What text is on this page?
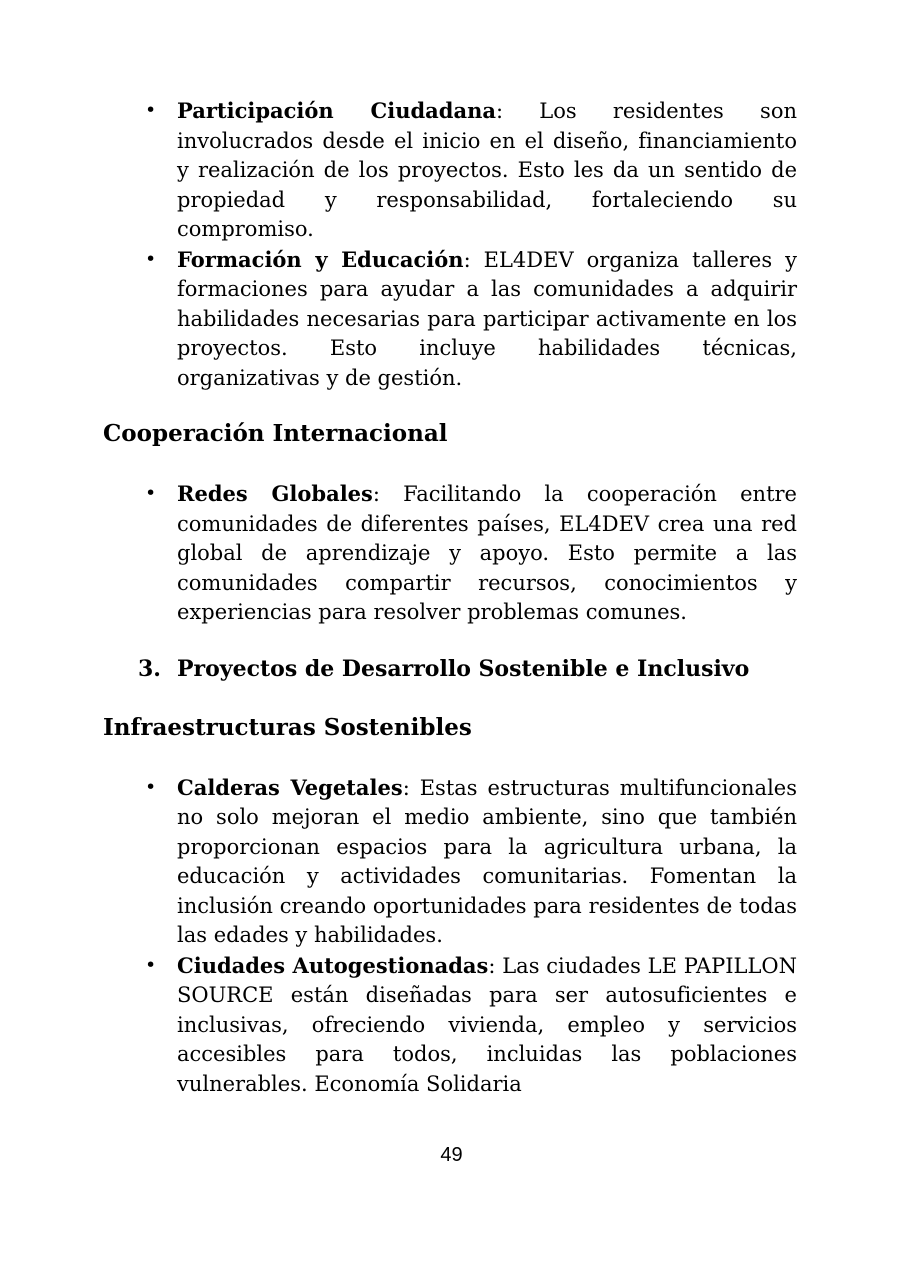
• Participación Ciudadana: Los residentes son involucrados desde el inicio en el diseño, financiamiento y realización de los proyectos. Esto les da un sentido de propiedad y responsabilidad, fortaleciendo su compromiso.
• Formación y Educación: EL4DEV organiza talleres y formaciones para ayudar a las comunidades a adquirir habilidades necesarias para participar activamente en los proyectos. Esto incluye habilidades técnicas, organizativas y de gestión.
Cooperación Internacional
• Redes Globales: Facilitando la cooperación entre comunidades de diferentes países, EL4DEV crea una red global de aprendizaje y apoyo. Esto permite a las comunidades compartir recursos, conocimientos y experiencias para resolver problemas comunes.
3. Proyectos de Desarrollo Sostenible e Inclusivo
Infraestructuras Sostenibles
• Calderas Vegetales: Estas estructuras multifuncionales no solo mejoran el medio ambiente, sino que también proporcionan espacios para la agricultura urbana, la educación y actividades comunitarias. Fomentan la inclusión creando oportunidades para residentes de todas las edades y habilidades.
• Ciudades Autogestionadas: Las ciudades LE PAPILLON SOURCE están diseñadas para ser autosuficientes e inclusivas, ofreciendo vivienda, empleo y servicios accesibles para todos, incluidas las poblaciones vulnerables. Economía Solidaria
49
